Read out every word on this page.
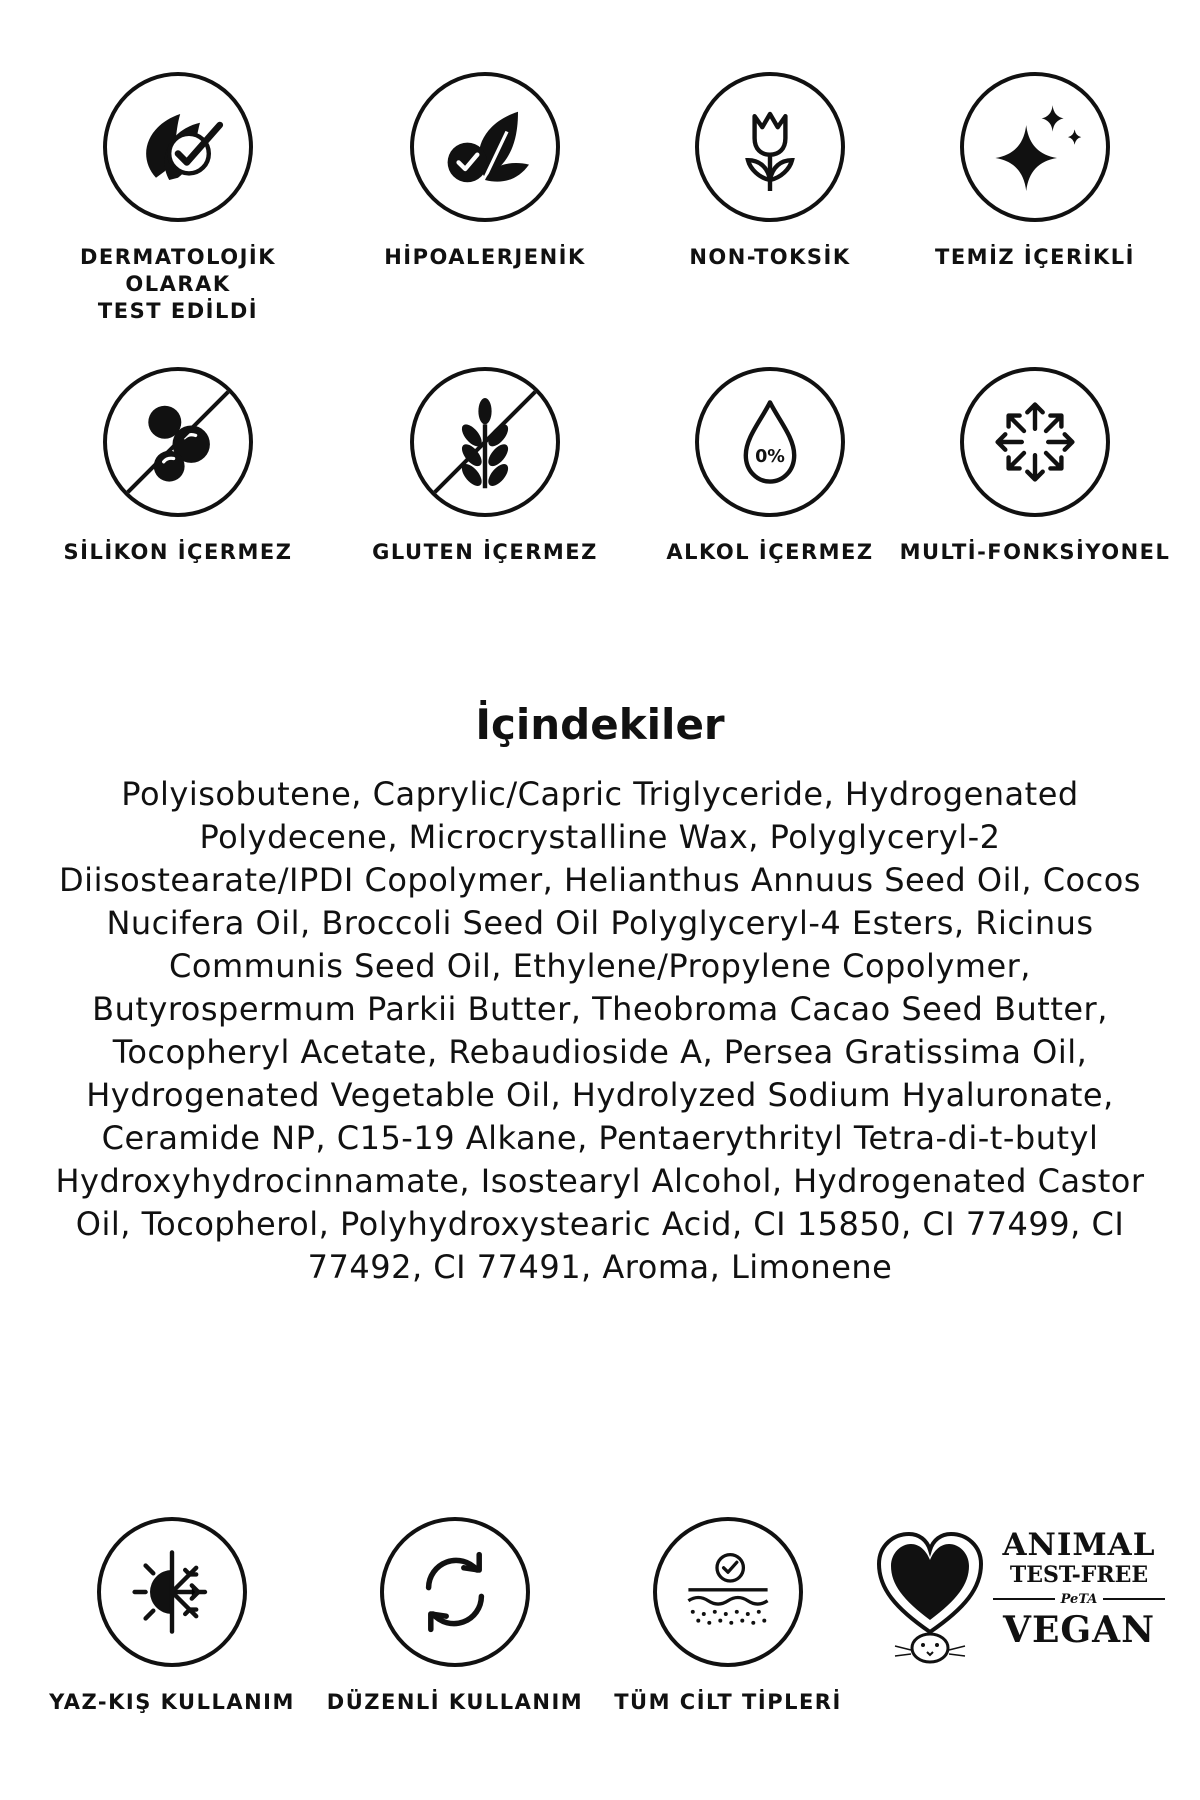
DERMATOLOJİK OLARAK
TEST EDİLDİ
HİPOALERJENİK	NON-TOKSİK	TEMİZ İÇERİKLİ
SİLİKON İÇERMEZ	GLUTEN İÇERMEZ
0%
ALKOL İÇERMEZ MULTİ-FONKSİYONEL
İçindekiler

Polyisobutene, Caprylic/Capric Triglyceride, Hydrogenated Polydecene, Microcrystalline Wax, Polyglyceryl-2 Diisostearate/IPDI Copolymer, Helianthus Annuus Seed Oil, Cocos Nucifera Oil, Broccoli Seed Oil Polyglyceryl-4 Esters, Ricinus Communis Seed Oil, Ethylene/Propylene Copolymer, Butyrospermum Parkii Butter, Theobroma Cacao Seed Butter, Tocopheryl Acetate, Rebaudioside A, Persea Gratissima Oil, Hydrogenated Vegetable Oil, Hydrolyzed Sodium Hyaluronate, Ceramide NP, C15-19 Alkane, Pentaerythrityl Tetra-di-t-butyl Hydroxyhydrocinnamate, Isostearyl Alcohol, Hydrogenated Castor Oil, Tocopherol, Polyhydroxystearic Acid, CI 15850, CI 77499, CI 77492, CI 77491, Aroma, Limonene

YAZ-KIŞ KULLANIM DÜZENLİ KULLANIM TÜM CİLT TİPLERİ
ANIMAL
TEST-FREE
PeTA
VEGAN
